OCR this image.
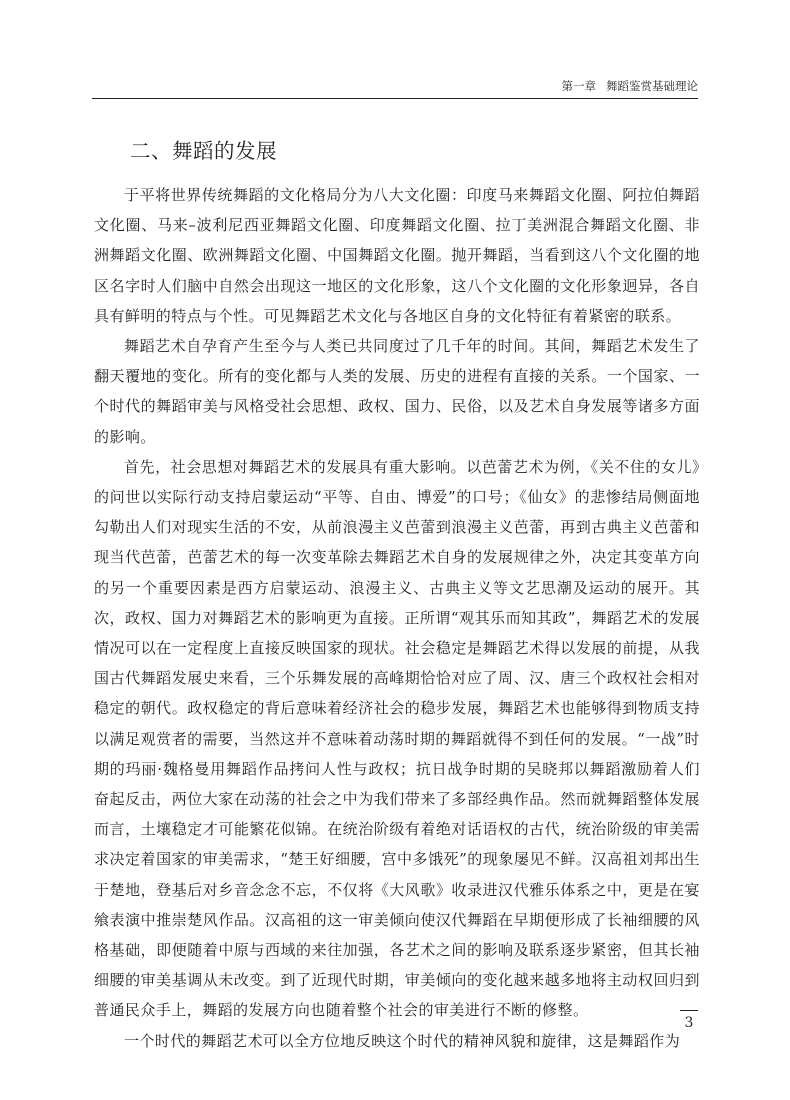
第一章 舞蹈鉴赏基础理论
二、舞蹈的发展

于平将世界传统舞蹈的文化格局分为八大文化圈：印度马来舞蹈文化圈、阿拉伯舞蹈文化圈、马来–波利尼西亚舞蹈文化圈、印度舞蹈文化圈、拉丁美洲混合舞蹈文化圈、非洲舞蹈文化圈、欧洲舞蹈文化圈、中国舞蹈文化圈。抛开舞蹈，当看到这八个文化圈的地区名字时人们脑中自然会出现这一地区的文化形象，这八个文化圈的文化形象迥异，各自具有鲜明的特点与个性。可见舞蹈艺术文化与各地区自身的文化特征有着紧密的联系。

舞蹈艺术自孕育产生至今与人类已共同度过了几千年的时间。其间，舞蹈艺术发生了翻天覆地的变化。所有的变化都与人类的发展、历史的进程有直接的关系。一个国家、一个时代的舞蹈审美与风格受社会思想、政权、国力、民俗，以及艺术自身发展等诸多方面的影响。

首先，社会思想对舞蹈艺术的发展具有重大影响。以芭蕾艺术为例，《关不住的女儿》的问世以实际行动支持启蒙运动“平等、自由、博爱”的口号；《仙女》的悲惨结局侧面地勾勒出人们对现实生活的不安，从前浪漫主义芭蕾到浪漫主义芭蕾，再到古典主义芭蕾和现当代芭蕾，芭蕾艺术的每一次变革除去舞蹈艺术自身的发展规律之外，决定其变革方向的另一个重要因素是西方启蒙运动、浪漫主义、古典主义等文艺思潮及运动的展开。其次，政权、国力对舞蹈艺术的影响更为直接。正所谓“观其乐而知其政”，舞蹈艺术的发展情况可以在一定程度上直接反映国家的现状。社会稳定是舞蹈艺术得以发展的前提，从我国古代舞蹈发展史来看，三个乐舞发展的高峰期恰恰对应了周、汉、唐三个政权社会相对稳定的朝代。政权稳定的背后意味着经济社会的稳步发展，舞蹈艺术也能够得到物质支持以满足观赏者的需要，当然这并不意味着动荡时期的舞蹈就得不到任何的发展。“一战”时期的玛丽·魏格曼用舞蹈作品拷问人性与政权；抗日战争时期的吴晓邦以舞蹈激励着人们奋起反击，两位大家在动荡的社会之中为我们带来了多部经典作品。然而就舞蹈整体发展而言，土壤稳定才可能繁花似锦。在统治阶级有着绝对话语权的古代，统治阶级的审美需求决定着国家的审美需求，“楚王好细腰，宫中多饿死”的现象屡见不鲜。汉高祖刘邦出生于楚地，登基后对乡音念念不忘，不仅将《大风歌》收录进汉代雅乐体系之中，更是在宴飨表演中推崇楚风作品。汉高祖的这一审美倾向使汉代舞蹈在早期便形成了长袖细腰的风格基础，即便随着中原与西域的来往加强，各艺术之间的影响及联系逐步紧密，但其长袖细腰的审美基调从未改变。到了近现代时期，审美倾向的变化越来越多地将主动权回归到普通民众手上，舞蹈的发展方向也随着整个社会的审美进行不断的修整。

一个时代的舞蹈艺术可以全方位地反映这个时代的精神风貌和旋律，这是舞蹈作为

3
